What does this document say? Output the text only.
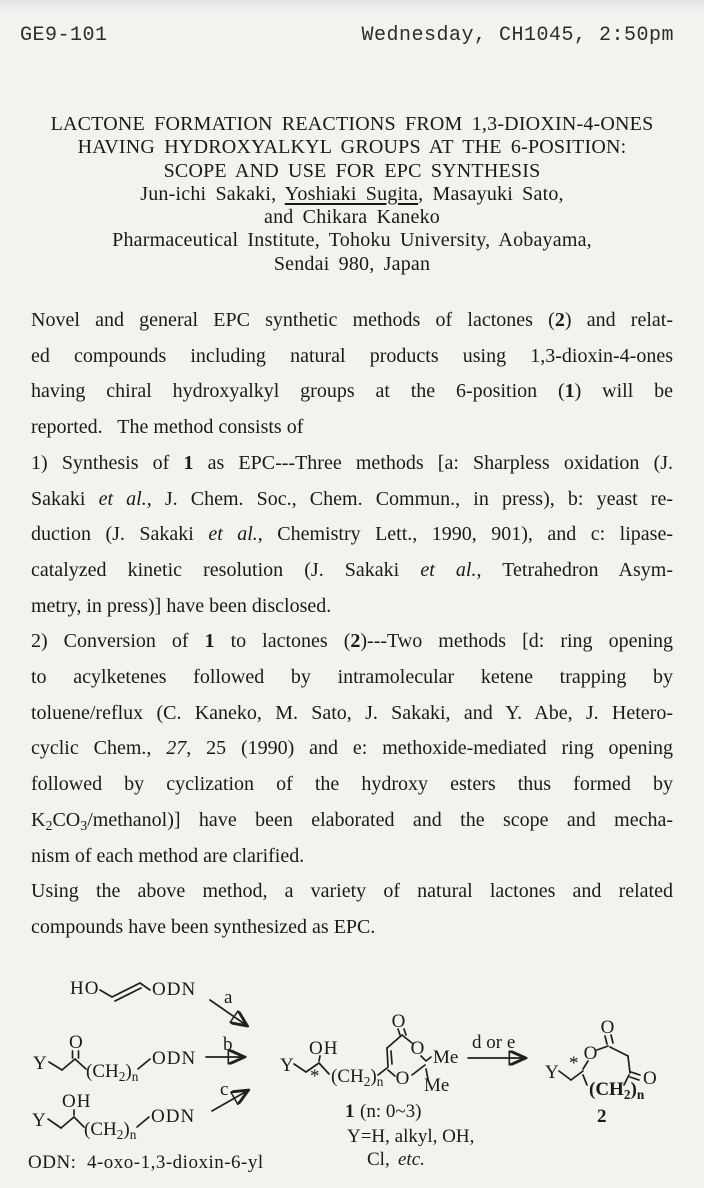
GE9-101	Wednesday, CH1045, 2:50pm
LACTONE FORMATION REACTIONS FROM 1,3-DIOXIN-4-ONES
HAVING HYDROXYALKYL GROUPS AT THE 6-POSITION:
SCOPE AND USE FOR EPC SYNTHESIS
Jun-ichi Sakaki, Yoshiaki Sugita, Masayuki Sato,
and Chikara Kaneko
Pharmaceutical Institute, Tohoku University, Aobayama,
Sendai 980, Japan
Novel and general EPC synthetic methods of lactones (2) and relat-
ed compounds including natural products using 1,3-dioxin-4-ones
having chiral hydroxyalkyl groups at the 6-position (1) will be
reported.   The method consists of
1) Synthesis of 1 as EPC---Three methods [a: Sharpless oxidation (J.
Sakaki et al., J. Chem. Soc., Chem. Commun., in press), b: yeast re-
duction (J. Sakaki et al., Chemistry Lett., 1990, 901), and c: lipase-
catalyzed kinetic resolution (J. Sakaki et al., Tetrahedron Asym-
metry, in press)] have been disclosed.
2) Conversion of 1 to lactones (2)---Two methods [d: ring opening
to acylketenes followed by intramolecular ketene trapping by
toluene/reflux (C. Kaneko, M. Sato, J. Sakaki, and Y. Abe, J. Hetero-
cyclic Chem., 27, 25 (1990) and e: methoxide-mediated ring opening
followed by cyclization of the hydroxy esters thus formed by
$K_2CO_3/methanol$)] have been elaborated and the scope and mecha-
nism of each method are clarified.
Using the above method, a variety of natural lactones and related
compounds have been synthesized as EPC.
HO	ODN
Y
O
$(CH_2)_n$
ODN
Y
OH
$(CH_2)_n$
ODN
a
b
c
Y
OH
* $(CH_2)_n$
O
O
O
Me
Me
1 (n: 0~3)
Y=H, alkyl, OH,
Cl, etc.
d or e
Y * O
O
O
$(CH_2)_n$
2
ODN:  4-oxo-1,3-dioxin-6-yl
